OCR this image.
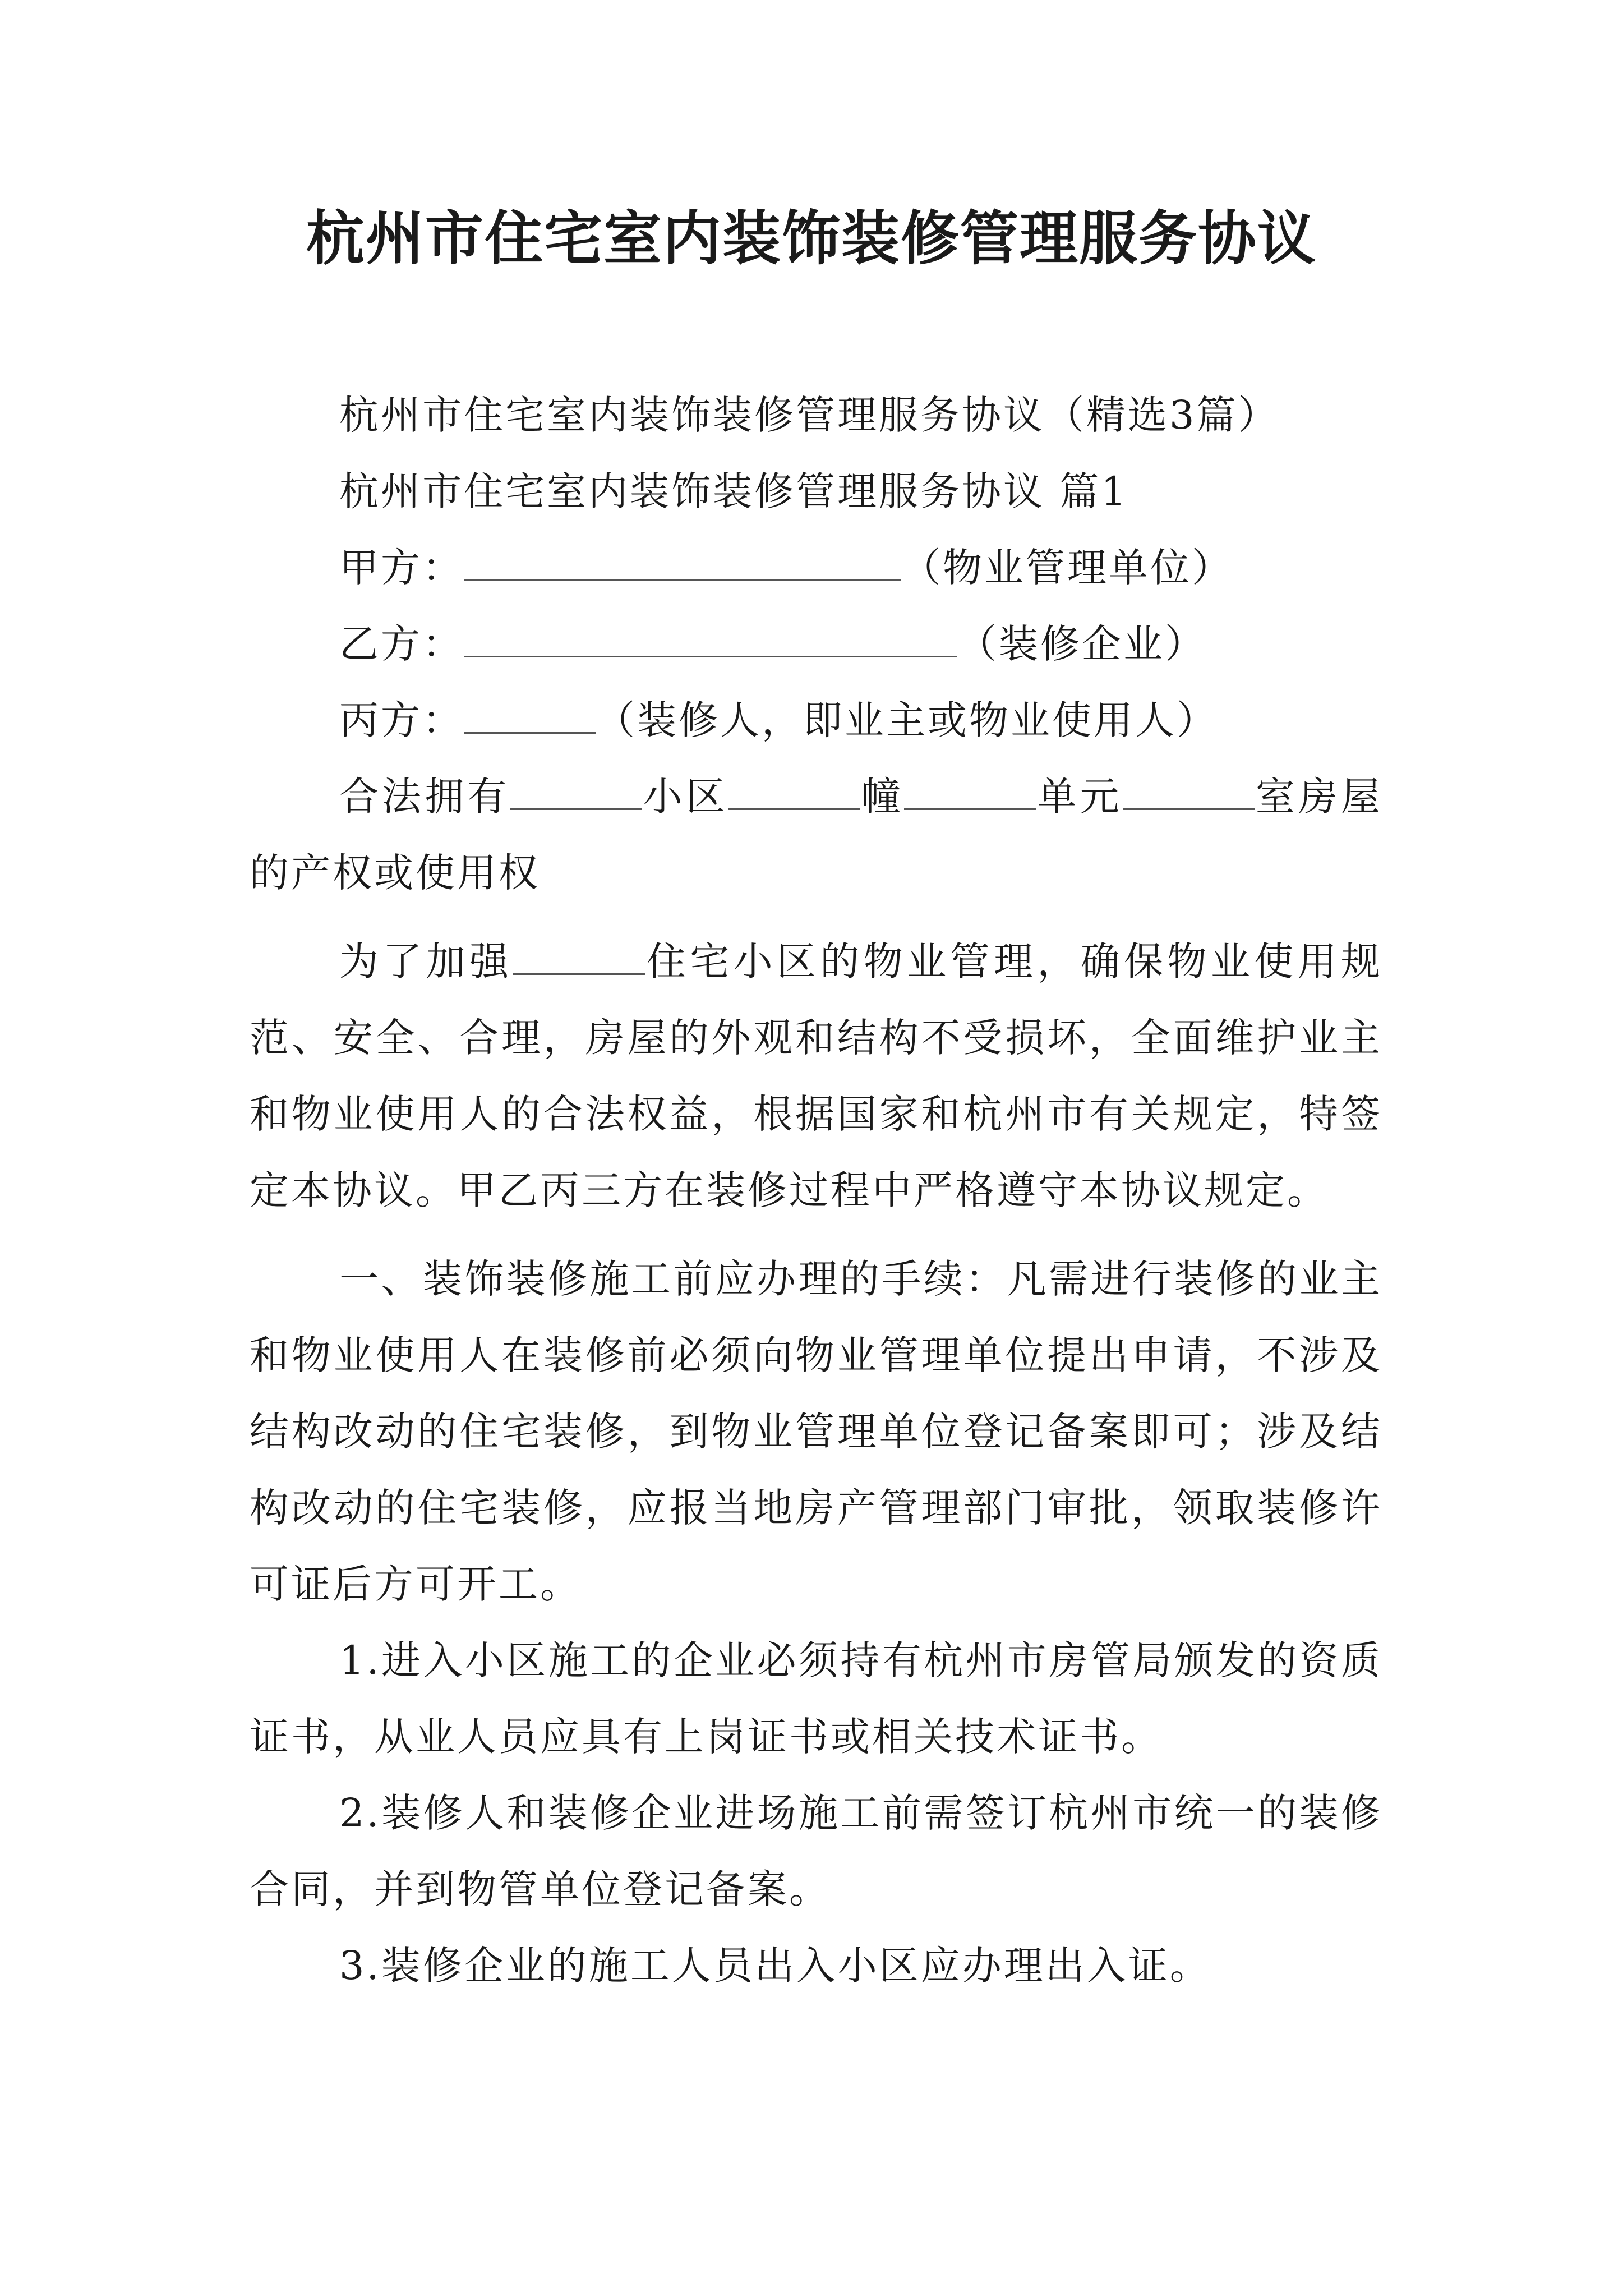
杭州市住宅室内装饰装修管理服务协议

杭州市住宅室内装饰装修管理服务协议（精选3篇）

杭州市住宅室内装饰装修管理服务协议 篇1

甲方：	（物业管理单位）

乙方：	（装修企业）

丙方：	（装修人，即业主或物业使用人）

合法拥有	小区	幢	单元	室房屋的产权或使用权

为了加强	住宅小区的物业管理，确保物业使用规范、安全、合理，房屋的外观和结构不受损坏，全面维护业主和物业使用人的合法权益，根据国家和杭州市有关规定，特签定本协议。甲乙丙三方在装修过程中严格遵守本协议规定。

一、装饰装修施工前应办理的手续：凡需进行装修的业主和物业使用人在装修前必须向物业管理单位提出申请，不涉及结构改动的住宅装修，到物业管理单位登记备案即可；涉及结构改动的住宅装修，应报当地房产管理部门审批，领取装修许可证后方可开工。

1.进入小区施工的企业必须持有杭州市房管局颁发的资质证书，从业人员应具有上岗证书或相关技术证书。

2.装修人和装修企业进场施工前需签订杭州市统一的装修合同，并到物管单位登记备案。

3.装修企业的施工人员出入小区应办理出入证。
